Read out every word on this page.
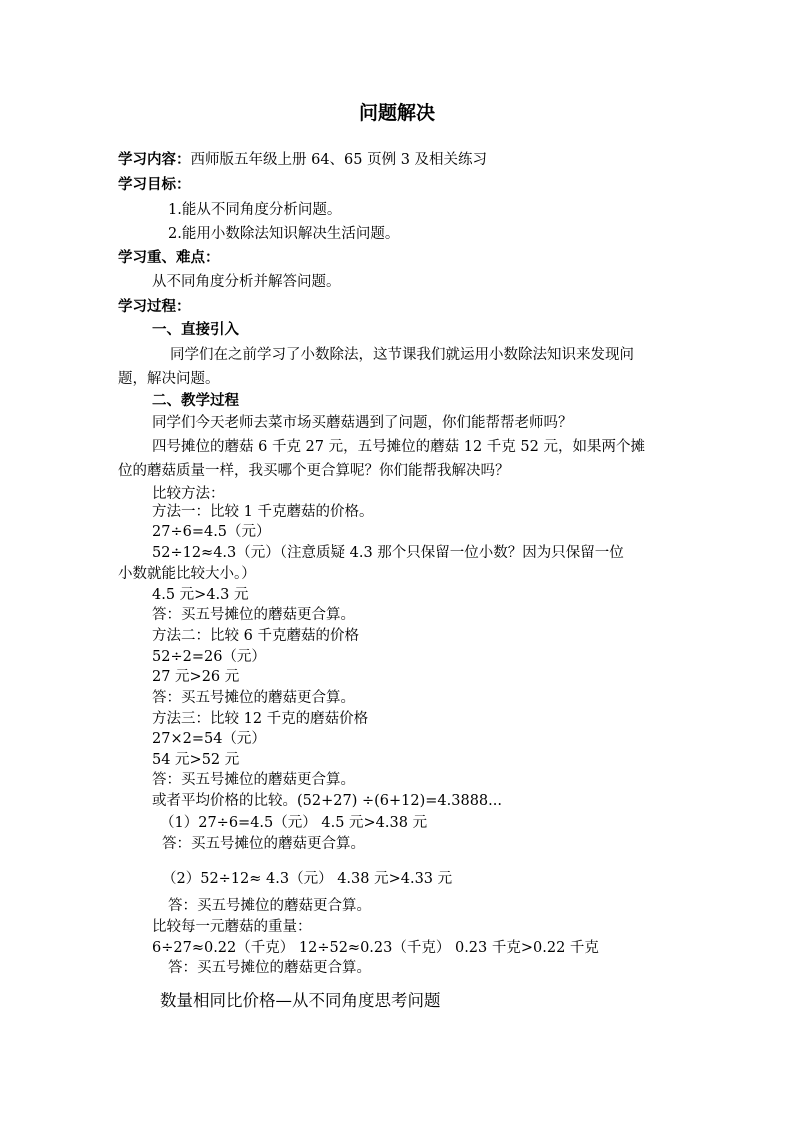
问题解决
学习内容：西师版五年级上册 64、65 页例 3 及相关练习
学习目标：
1.能从不同角度分析问题。
2.能用小数除法知识解决生活问题。
学习重、难点：
从不同角度分析并解答问题。
学习过程：
一、直接引入
同学们在之前学习了小数除法，这节课我们就运用小数除法知识来发现问
题，解决问题。
二、教学过程
同学们今天老师去菜市场买蘑菇遇到了问题，你们能帮帮老师吗？
四号摊位的蘑菇 6 千克 27 元，五号摊位的蘑菇 12 千克 52 元，如果两个摊
位的蘑菇质量一样，我买哪个更合算呢？你们能帮我解决吗？
比较方法：
方法一：比较 1 千克蘑菇的价格。
27÷6=4.5（元）
52÷12≈4.3（元）（注意质疑 4.3 那个只保留一位小数？因为只保留一位
小数就能比较大小。）
4.5 元>4.3 元
答：买五号摊位的蘑菇更合算。
方法二：比较 6 千克蘑菇的价格
52÷2=26（元）
27 元>26 元
答：买五号摊位的蘑菇更合算。
方法三：比较 12 千克的磨菇价格
27×2=54（元）
54 元>52 元
答：买五号摊位的蘑菇更合算。
或者平均价格的比较。(52+27) ÷(6+12)=4.3888...
（1）27÷6=4.5（元） 4.5 元>4.38 元
答：买五号摊位的蘑菇更合算。
（2）52÷12≈ 4.3（元） 4.38 元>4.33 元
答：买五号摊位的蘑菇更合算。
比较每一元蘑菇的重量：
6÷27≈0.22（千克） 12÷52≈0.23（千克） 0.23 千克>0.22 千克
答：买五号摊位的蘑菇更合算。
数量相同比价格—从不同角度思考问题
